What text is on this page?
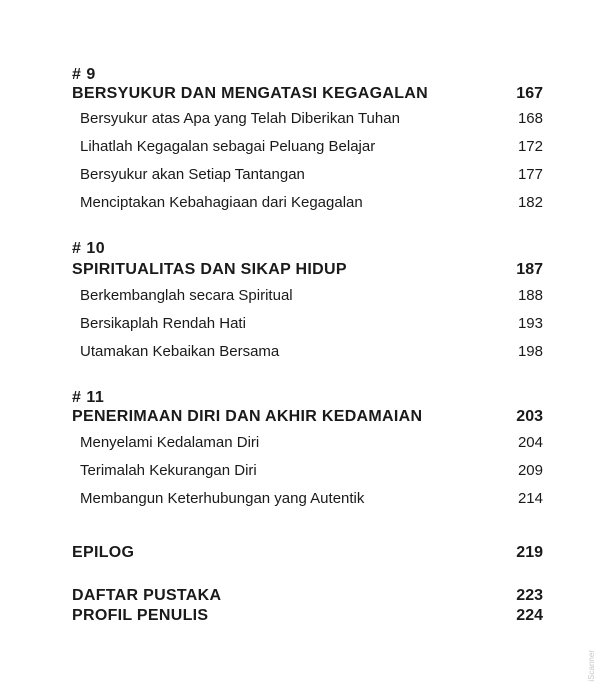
# 9
BERSYUKUR DAN MENGATASI KEGAGALAN	167
Bersyukur atas Apa yang Telah Diberikan Tuhan	168
Lihatlah Kegagalan sebagai Peluang Belajar	172
Bersyukur akan Setiap Tantangan	177
Menciptakan Kebahagiaan dari Kegagalan	182
# 10
SPIRITUALITAS DAN SIKAP HIDUP	187
Berkembanglah secara Spiritual	188
Bersikaplah Rendah Hati	193
Utamakan Kebaikan Bersama	198
# 11
PENERIMAAN DIRI DAN AKHIR KEDAMAIAN	203
Menyelami Kedalaman Diri	204
Terimalah Kekurangan Diri	209
Membangun Keterhubungan yang Autentik	214
EPILOG	219
DAFTAR PUSTAKA	223
PROFIL PENULIS	224
iScanner
